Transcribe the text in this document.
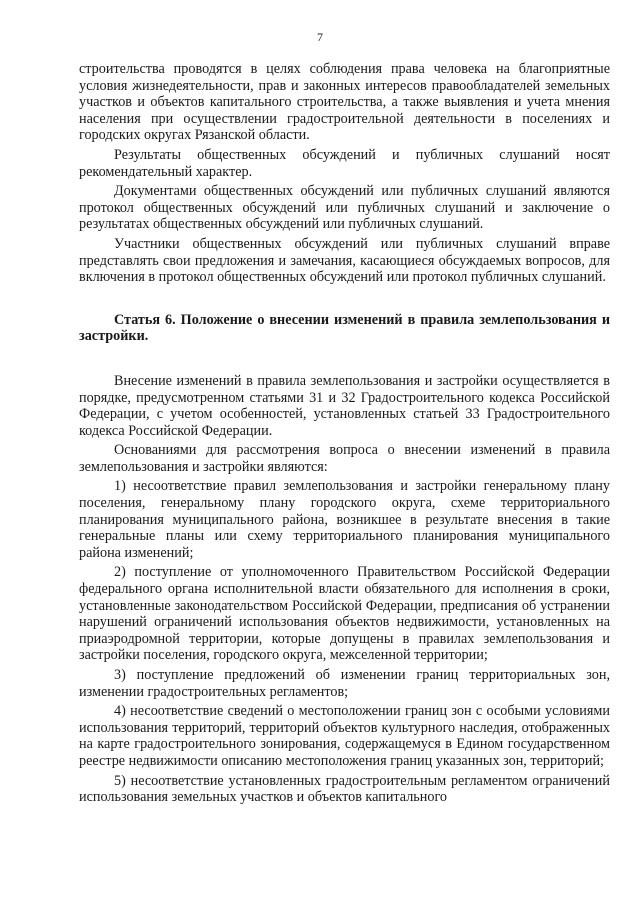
7

строительства проводятся в целях соблюдения права человека на благоприятные условия жизнедеятельности, прав и законных интересов правообладателей земельных участков и объектов капитального строительства, а также выявления и учета мнения населения при осуществлении градостроительной деятельности в поселениях и городских округах Рязанской области.

Результаты общественных обсуждений и публичных слушаний носят рекомендательный характер.

Документами общественных обсуждений или публичных слушаний являются протокол общественных обсуждений или публичных слушаний и заключение о результатах общественных обсуждений или публичных слушаний.

Участники общественных обсуждений или публичных слушаний вправе представлять свои предложения и замечания, касающиеся обсуждаемых вопросов, для включения в протокол общественных обсуждений или протокол публичных слушаний.

Статья 6. Положение о внесении изменений в правила землепользования и застройки.

Внесение изменений в правила землепользования и застройки осуществляется в порядке, предусмотренном статьями 31 и 32 Градостроительного кодекса Российской Федерации, с учетом особенностей, установленных статьей 33 Градостроительного кодекса Российской Федерации.

Основаниями для рассмотрения вопроса о внесении изменений в правила землепользования и застройки являются:

1) несоответствие правил землепользования и застройки генеральному плану поселения, генеральному плану городского округа, схеме территориального планирования муниципального района, возникшее в результате внесения в такие генеральные планы или схему территориального планирования муниципального района изменений;

2) поступление от уполномоченного Правительством Российской Федерации федерального органа исполнительной власти обязательного для исполнения в сроки, установленные законодательством Российской Федерации, предписания об устранении нарушений ограничений использования объектов недвижимости, установленных на приаэродромной территории, которые допущены в правилах землепользования и застройки поселения, городского округа, межселенной территории;

3) поступление предложений об изменении границ территориальных зон, изменении градостроительных регламентов;

4) несоответствие сведений о местоположении границ зон с особыми условиями использования территорий, территорий объектов культурного наследия, отображенных на карте градостроительного зонирования, содержащемуся в Едином государственном реестре недвижимости описанию местоположения границ указанных зон, территорий;

5) несоответствие установленных градостроительным регламентом ограничений использования земельных участков и объектов капитального
